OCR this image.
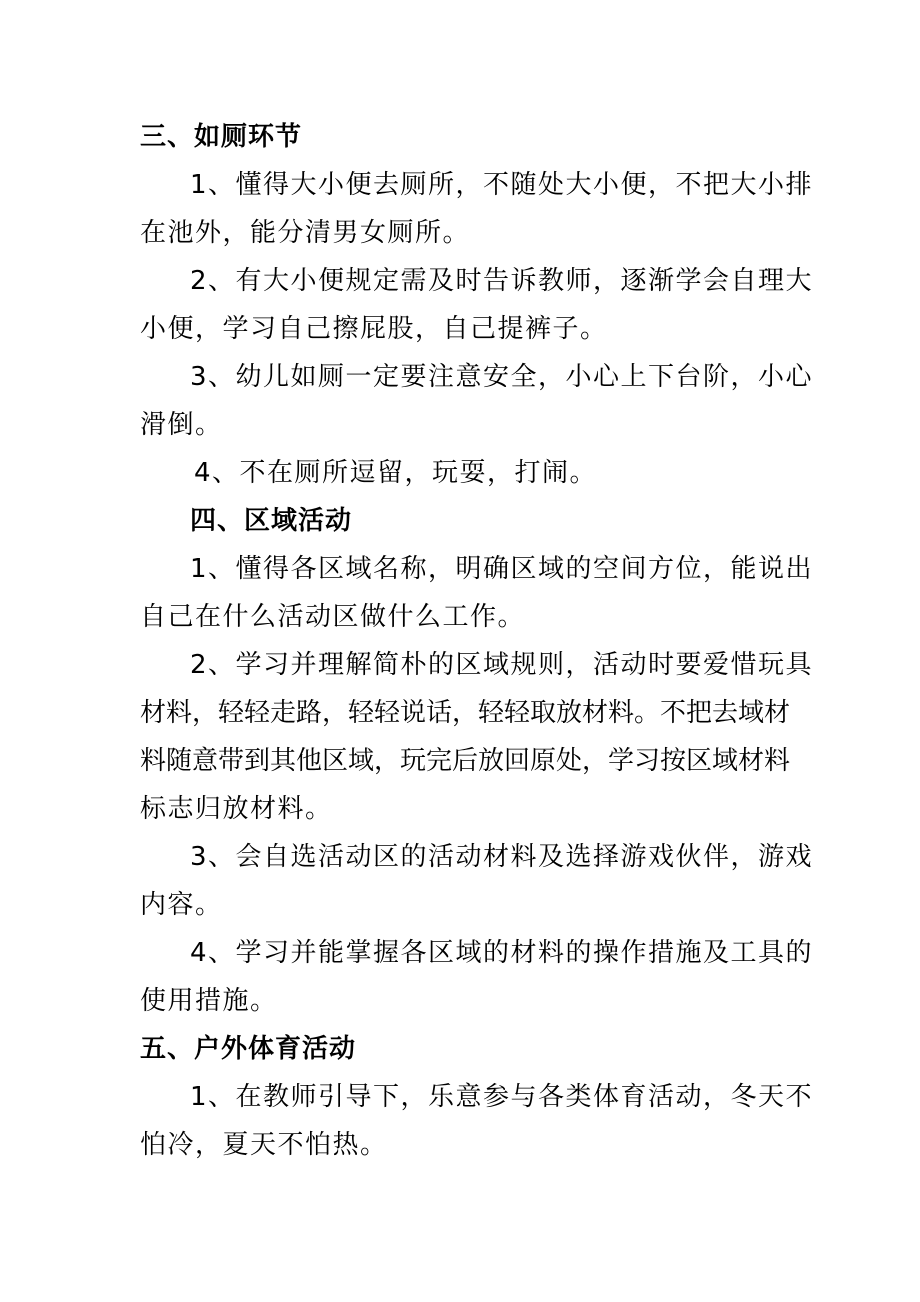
三、如厕环节
1、懂得大小便去厕所，不随处大小便，不把大小排
在池外，能分清男女厕所。
2、有大小便规定需及时告诉教师，逐渐学会自理大
小便，学习自己擦屁股，自己提裤子。
3、幼儿如厕一定要注意安全，小心上下台阶，小心
滑倒。
4、不在厕所逗留，玩耍，打闹。
四、区域活动
1、懂得各区域名称，明确区域的空间方位，能说出
自己在什么活动区做什么工作。
2、学习并理解简朴的区域规则，活动时要爱惜玩具
材料，轻轻走路，轻轻说话，轻轻取放材料。不把去域材
料随意带到其他区域，玩完后放回原处，学习按区域材料
标志归放材料。
3、会自选活动区的活动材料及选择游戏伙伴，游戏
内容。
4、学习并能掌握各区域的材料的操作措施及工具的
使用措施。
五、户外体育活动
1、在教师引导下，乐意参与各类体育活动，冬天不
怕冷，夏天不怕热。
